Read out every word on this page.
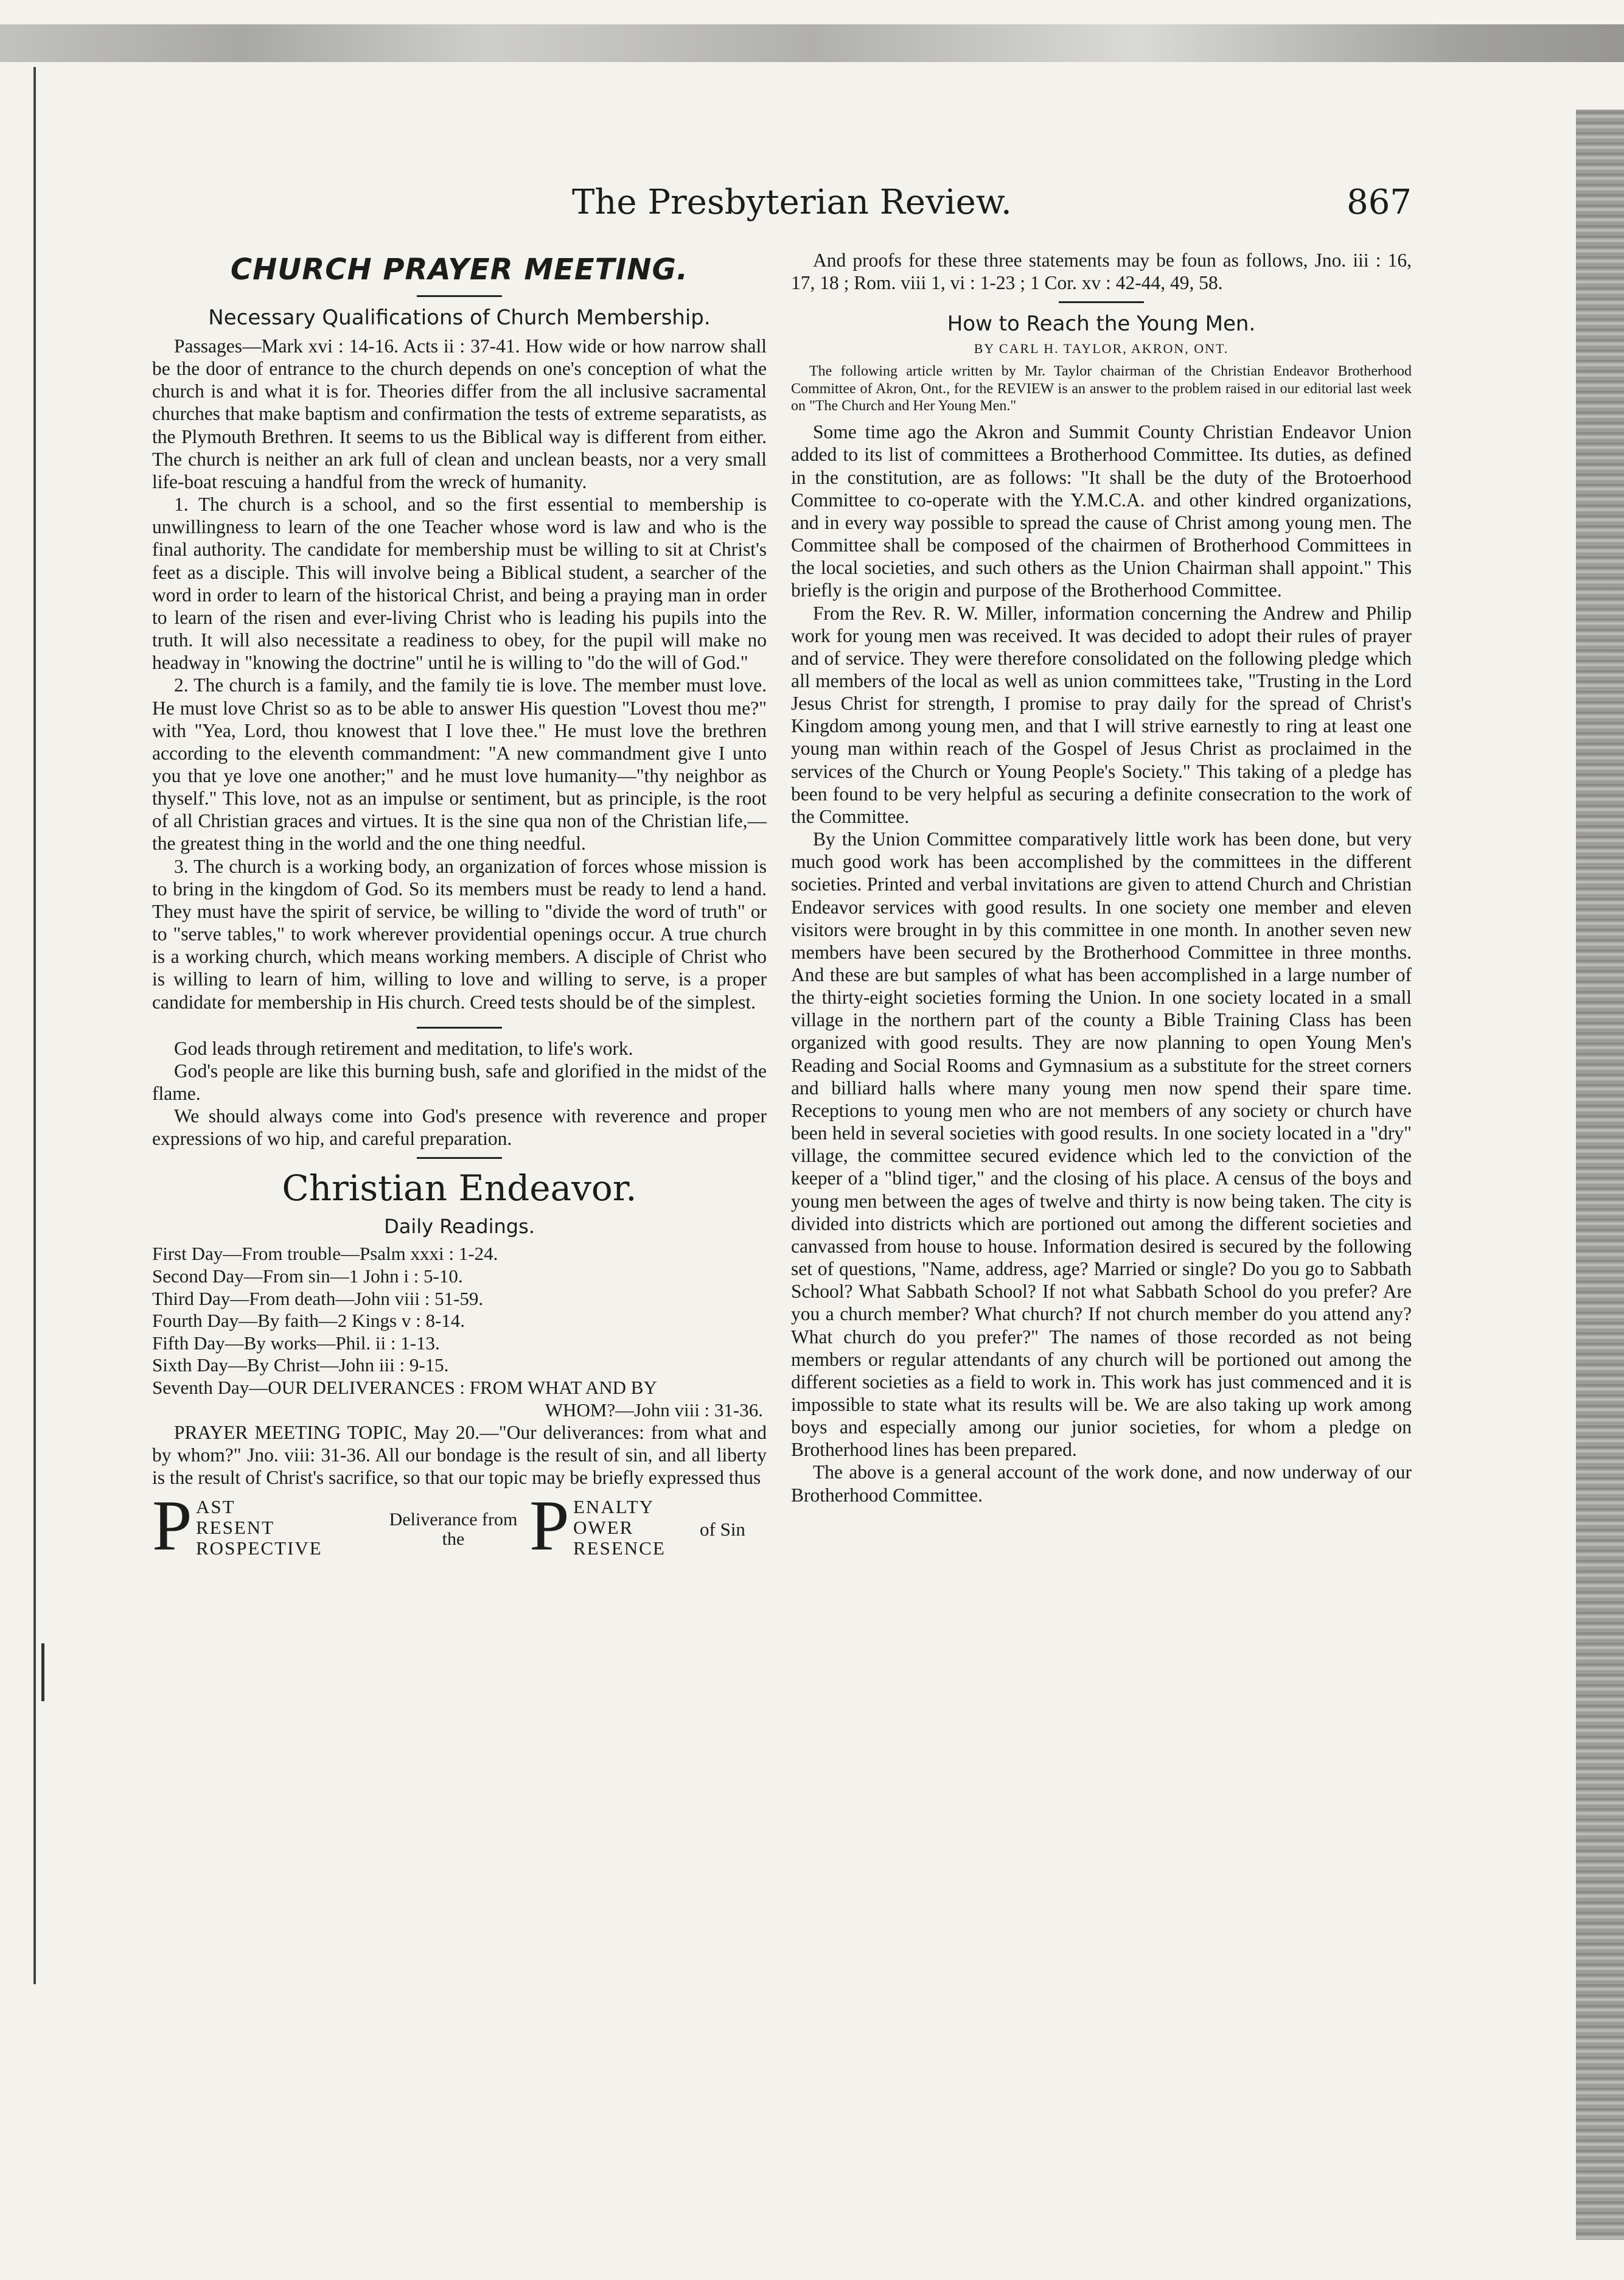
The Presbyterian Review.	867
CHURCH PRAYER MEETING.
Necessary Qualifications of Church Membership.

Passages—Mark xvi : 14-16. Acts ii : 37-41. How wide or how narrow shall be the door of entrance to the church depends on one's conception of what the church is and what it is for. Theories differ from the all inclusive sacramental churches that make baptism and confirmation the tests of extreme separatists, as the Plymouth Brethren. It seems to us the Biblical way is different from either. The church is neither an ark full of clean and unclean beasts, nor a very small life-boat rescuing a handful from the wreck of humanity.

1. The church is a school, and so the first essential to membership is unwillingness to learn of the one Teacher whose word is law and who is the final authority. The candidate for membership must be willing to sit at Christ's feet as a disciple. This will involve being a Biblical student, a searcher of the word in order to learn of the historical Christ, and being a praying man in order to learn of the risen and ever-living Christ who is leading his pupils into the truth. It will also necessitate a readiness to obey, for the pupil will make no headway in "knowing the doctrine" until he is willing to "do the will of God."

2. The church is a family, and the family tie is love. The member must love. He must love Christ so as to be able to answer His question "Lovest thou me?" with "Yea, Lord, thou knowest that I love thee." He must love the brethren according to the eleventh commandment: "A new commandment give I unto you that ye love one another;" and he must love humanity—"thy neighbor as thyself." This love, not as an impulse or sentiment, but as principle, is the root of all Christian graces and virtues. It is the sine qua non of the Christian life,—the greatest thing in the world and the one thing needful.

3. The church is a working body, an organization of forces whose mission is to bring in the kingdom of God. So its members must be ready to lend a hand. They must have the spirit of service, be willing to "divide the word of truth" or to "serve tables," to work wherever providential openings occur. A true church is a working church, which means working members. A disciple of Christ who is willing to learn of him, willing to love and willing to serve, is a proper candidate for membership in His church. Creed tests should be of the simplest.

God leads through retirement and meditation, to life's work.

God's people are like this burning bush, safe and glorified in the midst of the flame.

We should always come into God's presence with reverence and proper expressions of wo hip, and careful preparation.

Christian Endeavor.
Daily Readings.

First Day—From trouble—Psalm xxxi : 1-24.

Second Day—From sin—1 John i : 5-10.

Third Day—From death—John viii : 51-59.

Fourth Day—By faith—2 Kings v : 8-14.

Fifth Day—By works—Phil. ii : 1-13.

Sixth Day—By Christ—John iii : 9-15.

Seventh Day—OUR DELIVERANCES : FROM WHAT AND BY

WHOM?—John viii : 31-36.

PRAYER MEETING TOPIC, May 20.—"Our deliverances: from what and by whom?" Jno. viii: 31-36. All our bondage is the result of sin, and all liberty is the result of Christ's sacrifice, so that our topic may be briefly expressed thus

P AST
RESENT
ROSPECTIVE
Deliverance from the P ENALTY
OWER
RESENCE
of Sin

And proofs for these three statements may be foun as follows, Jno. iii : 16, 17, 18 ; Rom. viii 1, vi : 1-23 ; 1 Cor. xv : 42-44, 49, 58.

How to Reach the Young Men.
BY CARL H. TAYLOR, AKRON, ONT.

The following article written by Mr. Taylor chairman of the Christian Endeavor Brotherhood Committee of Akron, Ont., for the REVIEW is an answer to the problem raised in our editorial last week on "The Church and Her Young Men."

Some time ago the Akron and Summit County Christian Endeavor Union added to its list of committees a Brotherhood Committee. Its duties, as defined in the constitution, are as follows: "It shall be the duty of the Brotoerhood Committee to co-operate with the Y.M.C.A. and other kindred organizations, and in every way possible to spread the cause of Christ among young men. The Committee shall be composed of the chairmen of Brotherhood Committees in the local societies, and such others as the Union Chairman shall appoint." This briefly is the origin and purpose of the Brotherhood Committee.

From the Rev. R. W. Miller, information concerning the Andrew and Philip work for young men was received. It was decided to adopt their rules of prayer and of service. They were therefore consolidated on the following pledge which all members of the local as well as union committees take, "Trusting in the Lord Jesus Christ for strength, I promise to pray daily for the spread of Christ's Kingdom among young men, and that I will strive earnestly to ring at least one young man within reach of the Gospel of Jesus Christ as proclaimed in the services of the Church or Young People's Society." This taking of a pledge has been found to be very helpful as securing a definite consecration to the work of the Committee.

By the Union Committee comparatively little work has been done, but very much good work has been accomplished by the committees in the different societies. Printed and verbal invitations are given to attend Church and Christian Endeavor services with good results. In one society one member and eleven visitors were brought in by this committee in one month. In another seven new members have been secured by the Brotherhood Committee in three months. And these are but samples of what has been accomplished in a large number of the thirty-eight societies forming the Union. In one society located in a small village in the northern part of the county a Bible Training Class has been organized with good results. They are now planning to open Young Men's Reading and Social Rooms and Gymnasium as a substitute for the street corners and billiard halls where many young men now spend their spare time. Receptions to young men who are not members of any society or church have been held in several societies with good results. In one society located in a "dry" village, the committee secured evidence which led to the conviction of the keeper of a "blind tiger," and the closing of his place. A census of the boys and young men between the ages of twelve and thirty is now being taken. The city is divided into districts which are portioned out among the different societies and canvassed from house to house. Information desired is secured by the following set of questions, "Name, address, age? Married or single? Do you go to Sabbath School? What Sabbath School? If not what Sabbath School do you prefer? Are you a church member? What church? If not church member do you attend any? What church do you prefer?" The names of those recorded as not being members or regular attendants of any church will be portioned out among the different societies as a field to work in. This work has just commenced and it is impossible to state what its results will be. We are also taking up work among boys and especially among our junior societies, for whom a pledge on Brotherhood lines has been prepared.

The above is a general account of the work done, and now underway of our Brotherhood Committee.
